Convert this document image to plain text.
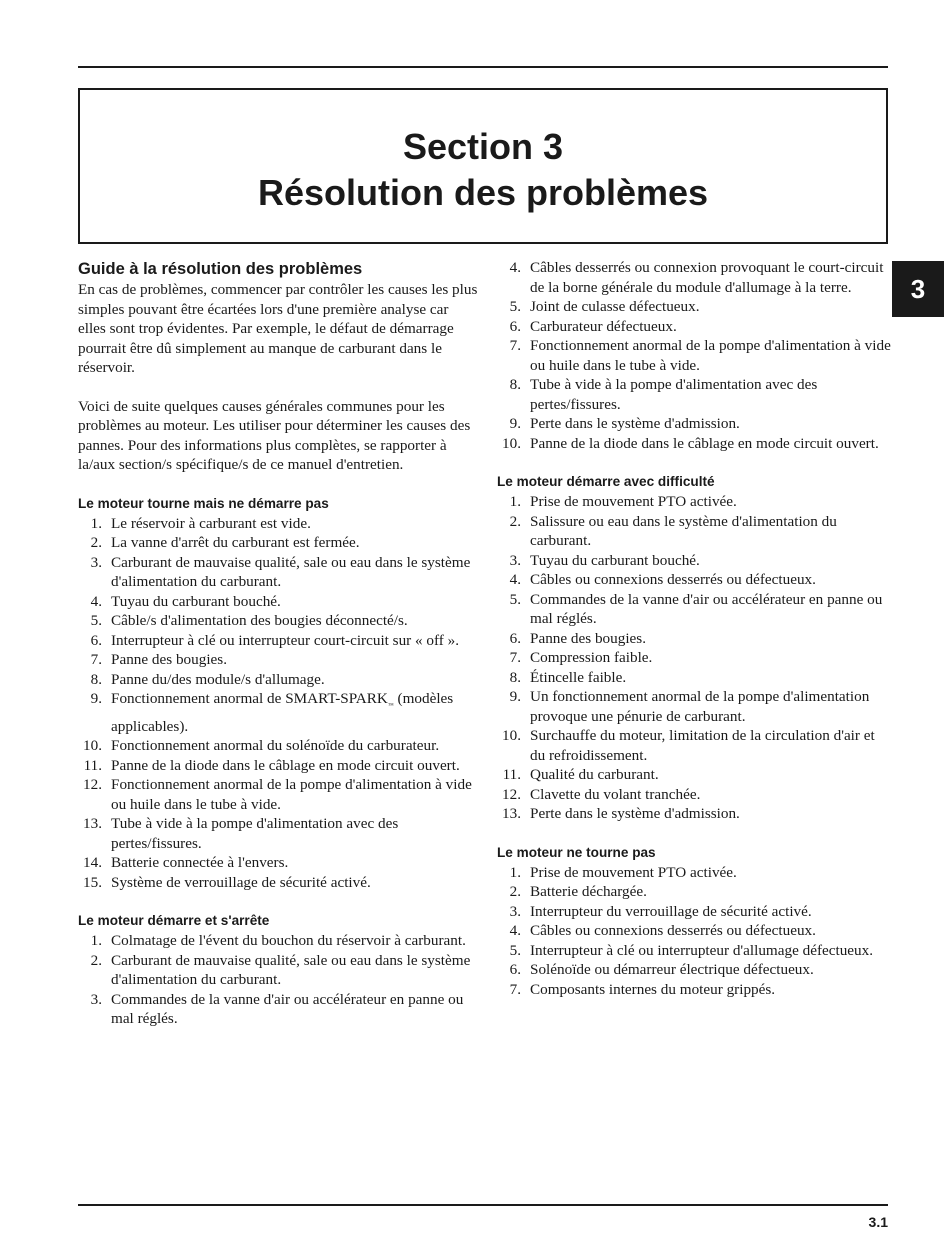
Section 3
Résolution des problèmes
3
Guide à la résolution des problèmes

En cas de problèmes, commencer par contrôler les causes les plus simples pouvant être écartées lors d'une première analyse car elles sont trop évidentes. Par exemple, le défaut de démarrage pourrait être dû simplement au manque de carburant dans le réservoir.

Voici de suite quelques causes générales communes pour les problèmes au moteur. Les utiliser pour déterminer les causes des pannes. Pour des informations plus complètes, se rapporter à la/aux section/s spécifique/s de ce manuel d'entretien.

Le moteur tourne mais ne démarre pas
1. Le réservoir à carburant est vide.
2. La vanne d'arrêt du carburant est fermée.
3. Carburant de mauvaise qualité, sale ou eau dans le système d'alimentation du carburant.
4. Tuyau du carburant bouché.
5. Câble/s d'alimentation des bougies déconnecté/s.
6. Interrupteur à clé ou interrupteur court-circuit sur « off ».
7. Panne des bougies.
8. Panne du/des module/s d'allumage.
9. Fonctionnement anormal de SMART-SPARK™ (modèles applicables).
10. Fonctionnement anormal du solénoïde du carburateur.
11. Panne de la diode dans le câblage en mode circuit ouvert.
12. Fonctionnement anormal de la pompe d'alimentation à vide ou huile dans le tube à vide.
13. Tube à vide à la pompe d'alimentation avec des pertes/fissures.
14. Batterie connectée à l'envers.
15. Système de verrouillage de sécurité activé.
Le moteur démarre et s'arrête
1. Colmatage de l'évent du bouchon du réservoir à carburant.
2. Carburant de mauvaise qualité, sale ou eau dans le système d'alimentation du carburant.
3. Commandes de la vanne d'air ou accélérateur en panne ou mal réglés.
4. Câbles desserrés ou connexion provoquant le court-circuit de la borne générale du module d'allumage à la terre.
5. Joint de culasse défectueux.
6. Carburateur défectueux.
7. Fonctionnement anormal de la pompe d'alimentation à vide ou huile dans le tube à vide.
8. Tube à vide à la pompe d'alimentation avec des pertes/fissures.
9. Perte dans le système d'admission.
10. Panne de la diode dans le câblage en mode circuit ouvert.
Le moteur démarre avec difficulté
1. Prise de mouvement PTO activée.
2. Salissure ou eau dans le système d'alimentation du carburant.
3. Tuyau du carburant bouché.
4. Câbles ou connexions desserrés ou défectueux.
5. Commandes de la vanne d'air ou accélérateur en panne ou mal réglés.
6. Panne des bougies.
7. Compression faible.
8. Étincelle faible.
9. Un fonctionnement anormal de la pompe d'alimentation provoque une pénurie de carburant.
10. Surchauffe du moteur, limitation de la circulation d'air et du refroidissement.
11. Qualité du carburant.
12. Clavette du volant tranchée.
13. Perte dans le système d'admission.
Le moteur ne tourne pas
1. Prise de mouvement PTO activée.
2. Batterie déchargée.
3. Interrupteur du verrouillage de sécurité activé.
4. Câbles ou connexions desserrés ou défectueux.
5. Interrupteur à clé ou interrupteur d'allumage défectueux.
6. Solénoïde ou démarreur électrique défectueux.
7. Composants internes du moteur grippés.
3.1
